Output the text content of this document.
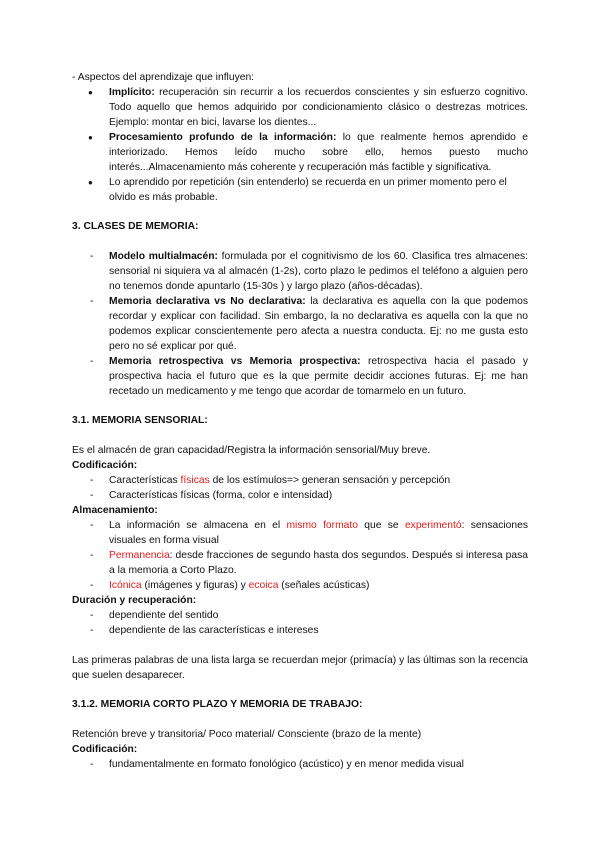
- Aspectos del aprendizaje que influyen:

● Implícito: recuperación sin recurrir a los recuerdos conscientes y sin esfuerzo cognitivo. Todo aquello que hemos adquirido por condicionamiento clásico o destrezas motrices. Ejemplo: montar en bici, lavarse los dientes...
● Procesamiento profundo de la información: lo que realmente hemos aprendido e interiorizado. Hemos leído mucho sobre ello, hemos puesto mucho interés...Almacenamiento más coherente y recuperación más factible y significativa.
● Lo aprendido por repetición (sin entenderlo) se recuerda en un primer momento pero el olvido es más probable.

3. CLASES DE MEMORIA:

- Modelo multialmacén: formulada por el cognitivismo de los 60. Clasifica tres almacenes: sensorial ni siquiera va al almacén (1-2s), corto plazo le pedimos el teléfono a alguien pero no tenemos donde apuntarlo (15-30s ) y largo plazo (años-décadas).
- Memoria declarativa vs No declarativa: la declarativa es aquella con la que podemos recordar y explicar con facilidad. Sin embargo, la no declarativa es aquella con la que no podemos explicar conscientemente pero afecta a nuestra conducta. Ej: no me gusta esto pero no sé explicar por qué.
- Memoria retrospectiva vs Memoria prospectiva: retrospectiva hacia el pasado y prospectiva hacia el futuro que es la que permite decidir acciones futuras. Ej: me han recetado un medicamento y me tengo que acordar de tomarmelo en un futuro.

3.1. MEMORIA SENSORIAL:

Es el almacén de gran capacidad/Registra la información sensorial/Muy breve.

Codificación:

- Características físicas de los estímulos=> generan sensación y percepción
- Características físicas (forma, color e intensidad)

Almacenamiento:

- La información se almacena en el mismo formato que se experimentó: sensaciones visuales en forma visual
- Permanencia: desde fracciones de segundo hasta dos segundos. Después si interesa pasa a la memoria a Corto Plazo.
- Icónica (imágenes y figuras) y ecoica (señales acústicas)

Duración y recuperación:

- dependiente del sentido
- dependiente de las características e intereses

Las primeras palabras de una lista larga se recuerdan mejor (primacía) y las últimas son la recencia que suelen desaparecer.

3.1.2. MEMORIA CORTO PLAZO Y MEMORIA DE TRABAJO:

Retención breve y transitoria/ Poco material/ Consciente (brazo de la mente)

Codificación:

- fundamentalmente en formato fonológico (acústico) y en menor medida visual
